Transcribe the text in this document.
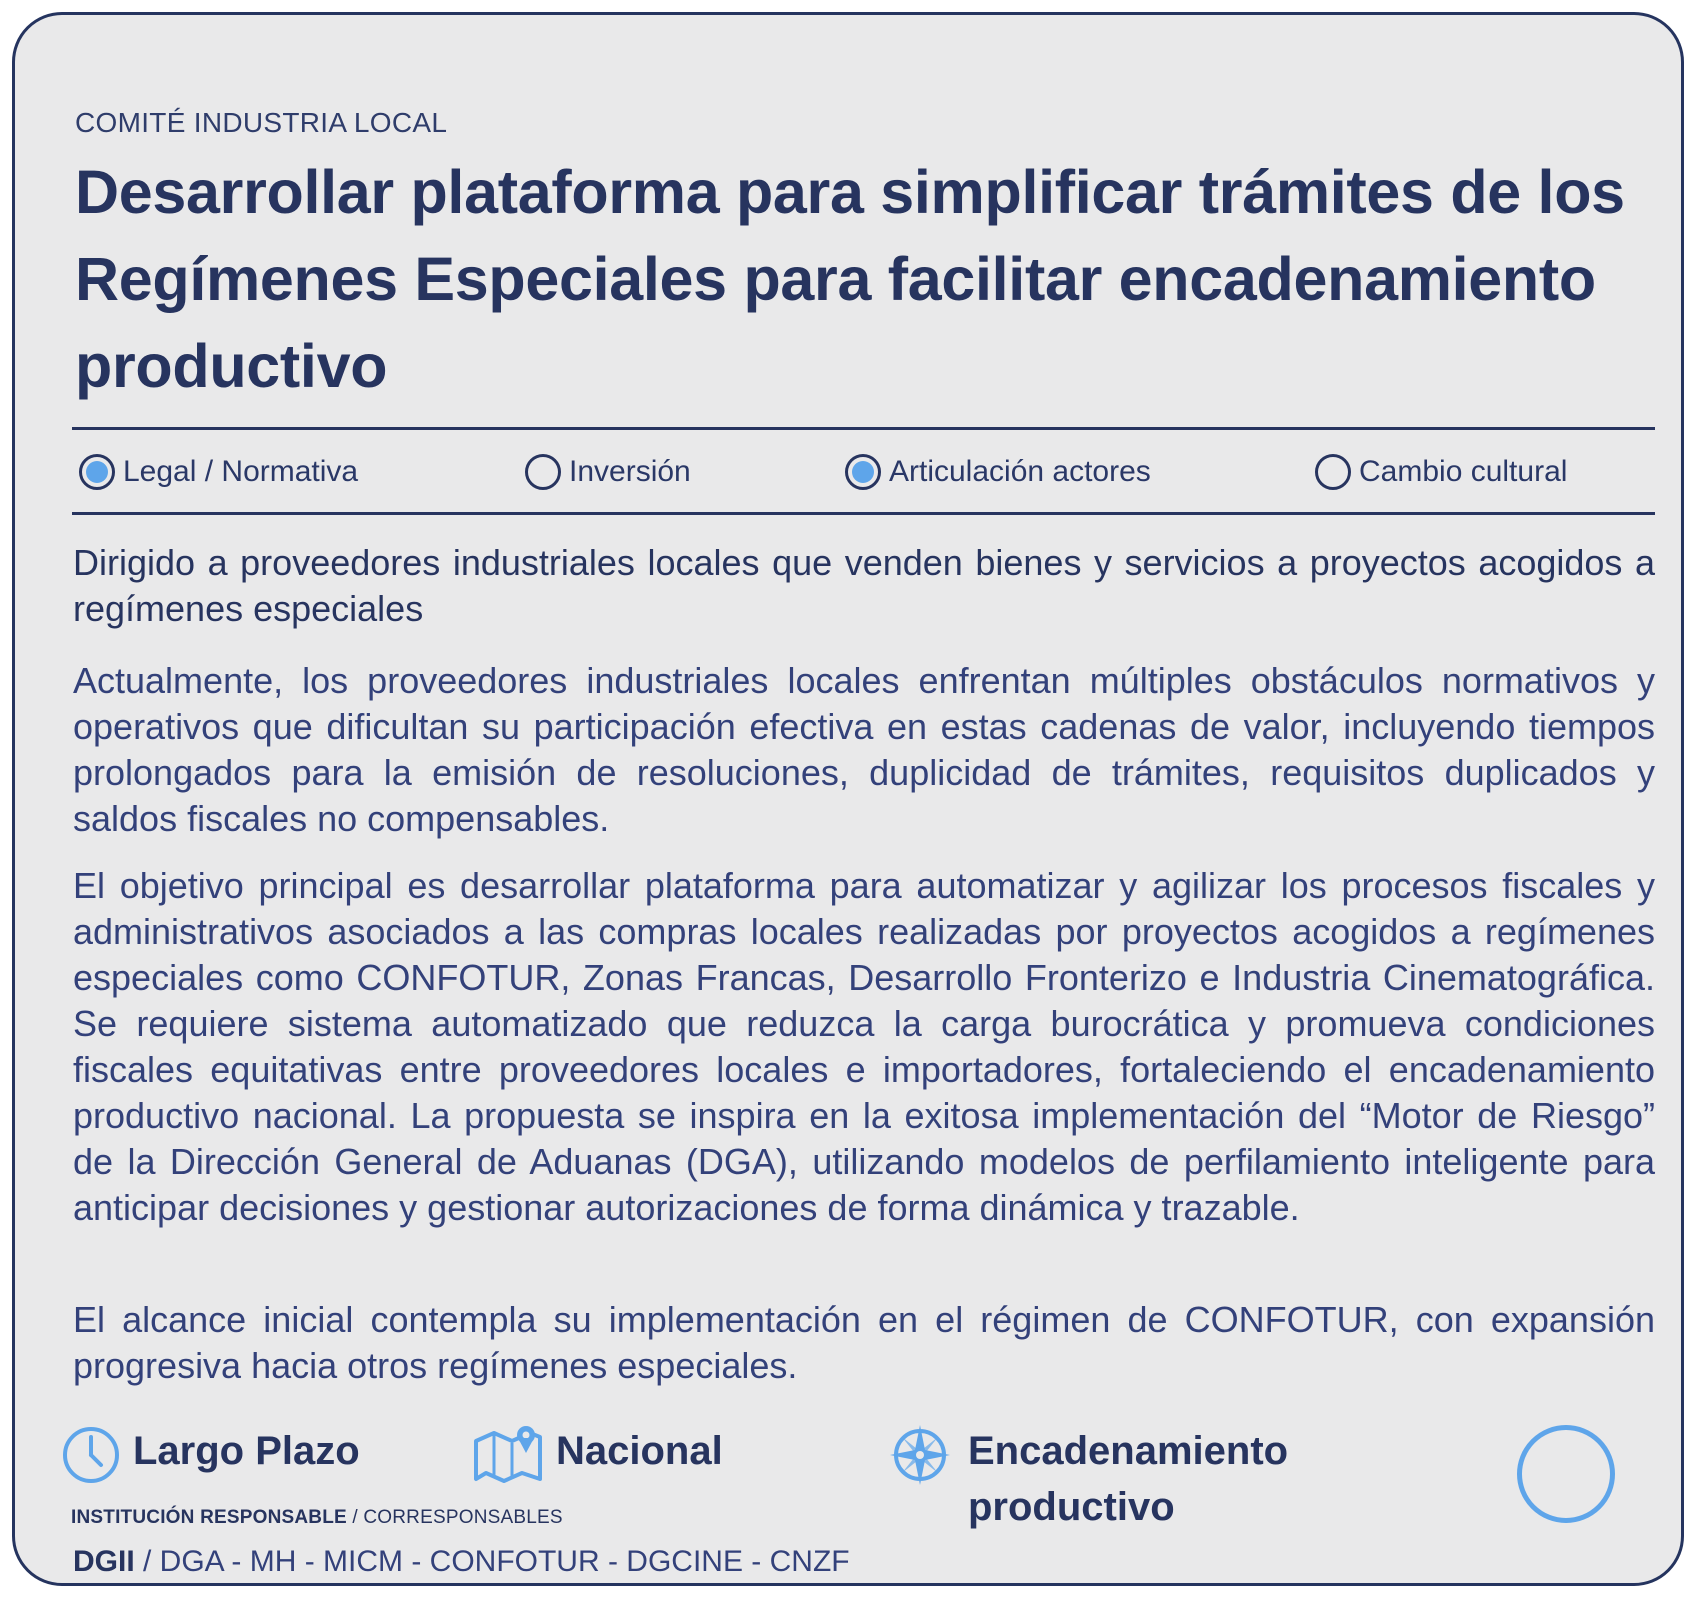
COMITÉ INDUSTRIA LOCAL
Desarrollar plataforma para simplificar trámites de los Regímenes Especiales para facilitar encadenamiento productivo
Legal / Normativa	Inversión	Articulación actores	Cambio cultural

Dirigido a proveedores industriales locales que venden bienes y servicios a proyectos acogidos a regímenes especiales

Actualmente, los proveedores industriales locales enfrentan múltiples obstáculos normativos y operativos que dificultan su participación efectiva en estas cadenas de valor, incluyendo tiempos prolongados para la emisión de resoluciones, duplicidad de trámites, requisitos duplicados y saldos fiscales no compensables.

El objetivo principal es desarrollar plataforma para automatizar y agilizar los procesos fiscales y administrativos asociados a las compras locales realizadas por proyectos acogidos a regímenes especiales como CONFOTUR, Zonas Francas, Desarrollo Fronterizo e Industria Cinematográfica. Se requiere sistema automatizado que reduzca la carga burocrática y promueva condiciones fiscales equitativas entre proveedores locales e importadores, fortaleciendo el encadenamiento productivo nacional. La propuesta se inspira en la exitosa implementación del “Motor de Riesgo” de la Dirección General de Aduanas (DGA), utilizando modelos de perfilamiento inteligente para anticipar decisiones y gestionar autorizaciones de forma dinámica y trazable.

El alcance inicial contempla su implementación en el régimen de CONFOTUR, con expansión progresiva hacia otros regímenes especiales.

Largo Plazo	Nacional	Encadenamiento productivo
INSTITUCIÓN RESPONSABLE / CORRESPONSABLES
DGII / DGA - MH - MICM - CONFOTUR - DGCINE - CNZF
